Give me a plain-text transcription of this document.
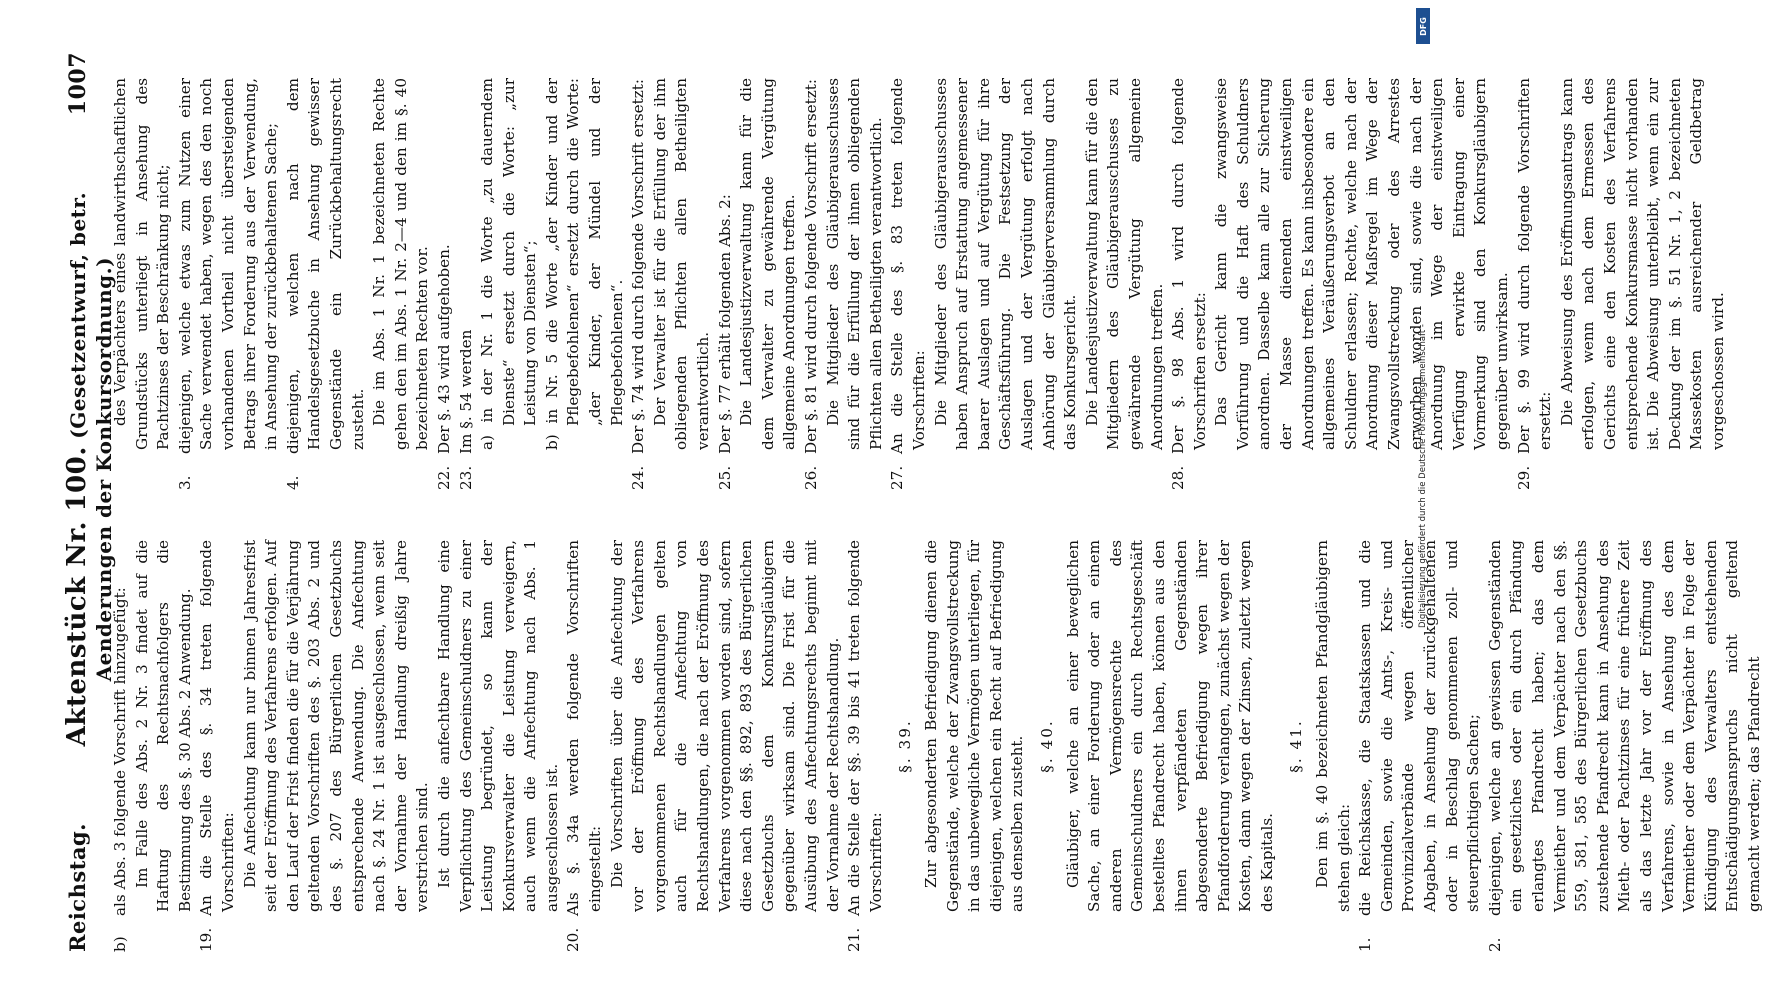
Reichstag.
Aktenstück Nr. 100. (Gesetzentwurf, betr. Aenderungen der Konkursordnung.)
1007

b)als Abs. 3 folgende Vorschrift hinzugefügt: Im Falle des Abs. 2 Nr. 3 findet auf die Haftung des Rechtsnachfolgers die Bestimmung des §. 30 Abs. 2 Anwendung.

19.An die Stelle des §. 34 treten folgende Vorschriften: Die Anfechtung kann nur binnen Jahresfrist seit der Eröffnung des Verfahrens erfolgen. Auf den Lauf der Frist finden die für die Verjährung geltenden Vorschriften des §. 203 Abs. 2 und des §. 207 des Bürgerlichen Gesetzbuchs entsprechende Anwendung. Die Anfechtung nach §. 24 Nr. 1 ist ausgeschlossen, wenn seit der Vornahme der Handlung dreißig Jahre verstrichen sind. Ist durch die anfechtbare Handlung eine Verpflichtung des Gemeinschuldners zu einer Leistung begründet, so kann der Konkursverwalter die Leistung verweigern, auch wenn die Anfechtung nach Abs. 1 ausgeschlossen ist.

20.Als §. 34a werden folgende Vorschriften eingestellt: Die Vorschriften über die Anfechtung der vor der Eröffnung des Verfahrens vorgenommenen Rechtshandlungen gelten auch für die Anfechtung von Rechtshandlungen, die nach der Eröffnung des Verfahrens vorgenommen worden sind, sofern diese nach den §§. 892, 893 des Bürgerlichen Gesetzbuchs dem Konkursgläubigern gegenüber wirksam sind. Die Frist für die Ausübung des Anfechtungsrechts beginnt mit der Vornahme der Rechtshandlung.

21.An die Stelle der §§. 39 bis 41 treten folgende Vorschriften:

§. 39. Zur abgesonderten Befriedigung dienen die Gegenstände, welche der Zwangsvollstreckung in das unbewegliche Vermögen unterliegen, für diejenigen, welchen ein Recht auf Befriedigung aus denselben zusteht. §. 40. Gläubiger, welche an einer beweglichen Sache, an einer Forderung oder an einem anderen Vermögensrechte des Gemeinschuldners ein durch Rechtsgeschäft bestelltes Pfandrecht haben, können aus den ihnen verpfändeten Gegenständen abgesonderte Befriedigung wegen ihrer Pfandforderung verlangen, zunächst wegen der Kosten, dann wegen der Zinsen, zuletzt wegen des Kapitals.

§. 41. Den im §. 40 bezeichneten Pfandgläubigern stehen gleich:

1.die Reichskasse, die Staatskassen und die Gemeinden, sowie die Amts-, Kreis- und Provinzialverbände wegen öffentlicher Abgaben, in Ansehung der zurückgehaltenen oder in Beschlag genommenen zoll- und steuerpflichtigen Sachen;

2.diejenigen, welche an gewissen Gegenständen ein gesetzliches oder ein durch Pfändung erlangtes Pfandrecht haben; das dem Vermiether und dem Verpächter nach den §§. 559, 581, 585 des Bürgerlichen Gesetzbuchs zustehende Pfandrecht kann in Ansehung des Mieth- oder Pachtzinses für eine frühere Zeit als das letzte Jahr vor der Eröffnung des Verfahrens, sowie in Ansehung des dem Vermiether oder dem Verpächter in Folge der Kündigung des Verwalters entstehenden Entschädigungsanspruchs nicht geltend gemacht werden; das Pfandrecht

des Verpächters eines landwirthschaftlichen Grundstücks unterliegt in Ansehung des Pachtzinses der Beschränkung nicht;

3.diejenigen, welche etwas zum Nutzen einer Sache verwendet haben, wegen des den noch vorhandenen Vortheil nicht übersteigenden Betrags ihrer Forderung aus der Verwendung, in Ansehung der zurückbehaltenen Sache;

4.diejenigen, welchen nach dem Handelsgesetzbuche in Ansehung gewisser Gegenstände ein Zurückbehaltungsrecht zusteht. Die im Abs. 1 Nr. 1 bezeichneten Rechte gehen den im Abs. 1 Nr. 2—4 und den im §. 40 bezeichneten Rechten vor.

22.Der §. 43 wird aufgehoben.

23.Im §. 54 werden a) in der Nr. 1 die Worte „zu dauerndem Dienste“ ersetzt durch die Worte: „zur Leistung von Diensten“;

b) in Nr. 5 die Worte „der Kinder und der Pflegebefohlenen“ ersetzt durch die Worte: „der Kinder, der Mündel und der Pflegebefohlenen“.

24.Der §. 74 wird durch folgende Vorschrift ersetzt: Der Verwalter ist für die Erfüllung der ihm obliegenden Pflichten allen Betheiligten verantwortlich.

25.Der §. 77 erhält folgenden Abs. 2: Die Landesjustizverwaltung kann für die dem Verwalter zu gewährende Vergütung allgemeine Anordnungen treffen.

26.Der §. 81 wird durch folgende Vorschrift ersetzt: Die Mitglieder des Gläubigerausschusses sind für die Erfüllung der ihnen obliegenden Pflichten allen Betheiligten verantwortlich.

27.An die Stelle des §. 83 treten folgende Vorschriften: Die Mitglieder des Gläubigerausschusses haben Anspruch auf Erstattung angemessener baarer Auslagen und auf Vergütung für ihre Geschäftsführung. Die Festsetzung der Auslagen und der Vergütung erfolgt nach Anhörung der Gläubigerversammlung durch das Konkursgericht. Die Landesjustizverwaltung kann für die den Mitgliedern des Gläubigerausschusses zu gewährende Vergütung allgemeine Anordnungen treffen.

28.Der §. 98 Abs. 1 wird durch folgende Vorschriften ersetzt: Das Gericht kann die zwangsweise Vorführung und die Haft des Schuldners anordnen. Dasselbe kann alle zur Sicherung der Masse dienenden einstweiligen Anordnungen treffen. Es kann insbesondere ein allgemeines Veräußerungsverbot an den Schuldner erlassen; Rechte, welche nach der Anordnung dieser Maßregel im Wege der Zwangsvollstreckung oder des Arrestes erworben worden sind, sowie die nach der Anordnung im Wege der einstweiligen Verfügung erwirkte Eintragung einer Vormerkung sind den Konkursgläubigern gegenüber unwirksam.

29.Der §. 99 wird durch folgende Vorschriften ersetzt: Die Abweisung des Eröffnungsantrags kann erfolgen, wenn nach dem Ermessen des Gerichts eine den Kosten des Verfahrens entsprechende Konkursmasse nicht vorhanden ist. Die Abweisung unterbleibt, wenn ein zur Deckung der im §. 51 Nr. 1, 2 bezeichneten Massekosten ausreichender Geldbetrag vorgeschossen wird.

DFG
Digitalisierung gefördert durch die Deutsche Forschungsgemeinschaft -
